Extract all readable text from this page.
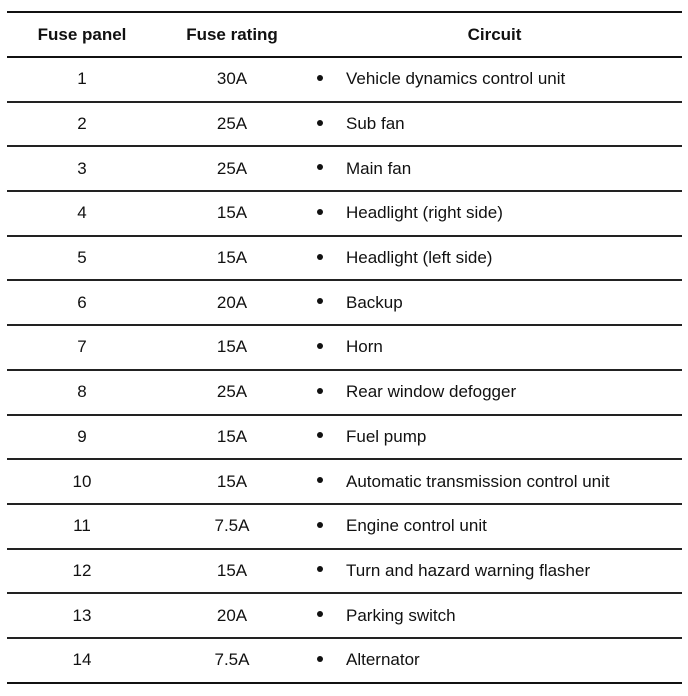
Fuse panel	Fuse rating	Circuit
1	30A	Vehicle dynamics control unit
2	25A	Sub fan
3	25A	Main fan
4	15A	Headlight (right side)
5	15A	Headlight (left side)
6	20A	Backup
7	15A	Horn
8	25A	Rear window defogger
9	15A	Fuel pump
10	15A	Automatic transmission control unit
11	7.5A	Engine control unit
12	15A	Turn and hazard warning flasher
13	20A	Parking switch
14	7.5A	Alternator
